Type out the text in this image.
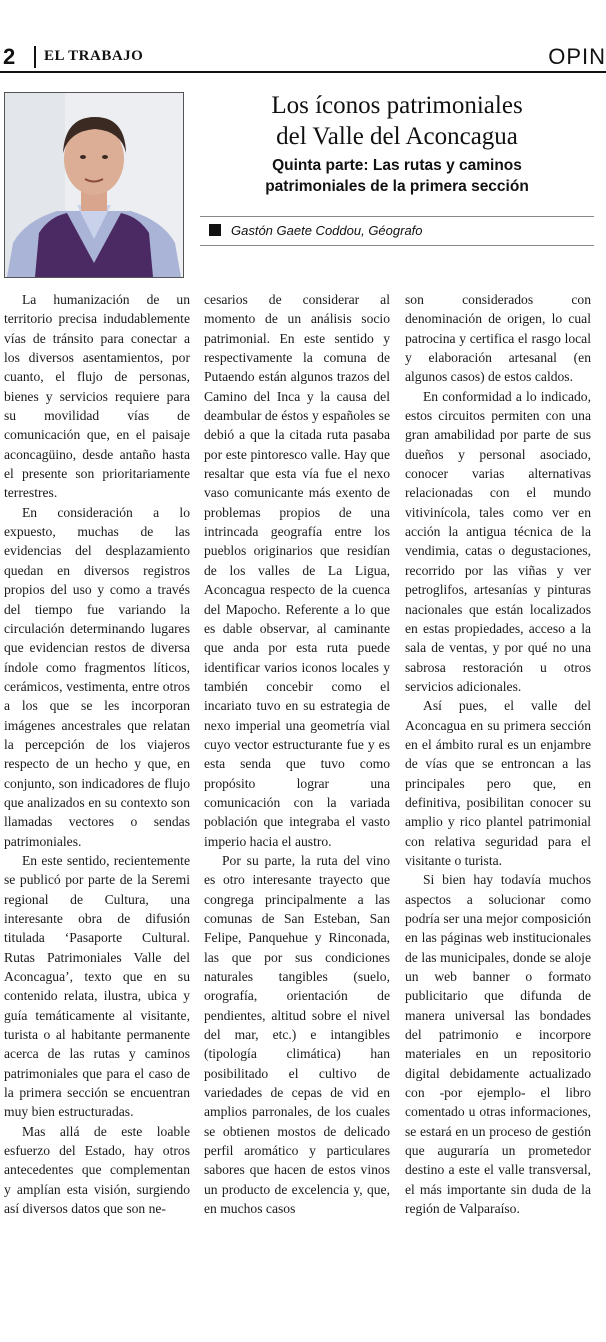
2 EL TRABAJO	OPIN
Los íconos patrimoniales
del Valle del Aconcagua
Quinta parte: Las rutas y caminos
patrimoniales de la primera sección
Gastón Gaete Coddou, Géografo

La humanización de un territorio precisa indudablemente vías de tránsito para conectar a los diversos asentamientos, por cuanto, el flujo de personas, bienes y servicios requiere para su movilidad vías de comunicación que, en el paisaje aconcagüino, desde antaño hasta el presente son prioritariamente terrestres.

En consideración a lo expuesto, muchas de las evidencias del desplazamiento quedan en diversos registros propios del uso y como a través del tiempo fue variando la circulación determinando lugares que evidencian restos de diversa índole como fragmentos líticos, cerámicos, vestimenta, entre otros a los que se les incorporan imágenes ancestrales que relatan la percepción de los viajeros respecto de un hecho y que, en conjunto, son indicadores de flujo que analizados en su contexto son llamadas vectores o sendas patrimoniales.

En este sentido, recientemente se publicó por parte de la Seremi regional de Cultura, una interesante obra de difusión titulada ‘Pasaporte Cultural. Rutas Patrimoniales Valle del Aconcagua’, texto que en su contenido relata, ilustra, ubica y guía temáticamente al visitante, turista o al habitante permanente acerca de las rutas y caminos patrimoniales que para el caso de la primera sección se encuentran muy bien estructuradas.

Mas allá de este loable esfuerzo del Estado, hay otros antecedentes que complementan y amplían esta visión, surgiendo así diversos datos que son ne-

cesarios de considerar al momento de un análisis socio patrimonial. En este sentido y respectivamente la comuna de Putaendo están algunos trazos del Camino del Inca y la causa del deambular de éstos y españoles se debió a que la citada ruta pasaba por este pintoresco valle. Hay que resaltar que esta vía fue el nexo vaso comunicante más exento de problemas propios de una intrincada geografía entre los pueblos originarios que residían de los valles de La Ligua, Aconcagua respecto de la cuenca del Mapocho. Referente a lo que es dable observar, al caminante que anda por esta ruta puede identificar varios iconos locales y también concebir como el incariato tuvo en su estrategia de nexo imperial una geometría vial cuyo vector estructurante fue y es esta senda que tuvo como propósito lograr una comunicación con la variada población que integraba el vasto imperio hacia el austro.

Por su parte, la ruta del vino es otro interesante trayecto que congrega principalmente a las comunas de San Esteban, San Felipe, Panquehue y Rinconada, las que por sus condiciones naturales tangibles (suelo, orografía, orientación de pendientes, altitud sobre el nivel del mar, etc.) e intangibles (tipología climática) han posibilitado el cultivo de variedades de cepas de vid en amplios parronales, de los cuales se obtienen mostos de delicado perfil aromático y particulares sabores que hacen de estos vinos un producto de excelencia y, que, en muchos casos

son considerados con denominación de origen, lo cual patrocina y certifica el rasgo local y elaboración artesanal (en algunos casos) de estos caldos.

En conformidad a lo indicado, estos circuitos permiten con una gran amabilidad por parte de sus dueños y personal asociado, conocer varias alternativas relacionadas con el mundo vitivinícola, tales como ver en acción la antigua técnica de la vendimia, catas o degustaciones, recorrido por las viñas y ver petroglifos, artesanías y pinturas nacionales que están localizados en estas propiedades, acceso a la sala de ventas, y por qué no una sabrosa restoración u otros servicios adicionales.

Así pues, el valle del Aconcagua en su primera sección en el ámbito rural es un enjambre de vías que se entroncan a las principales pero que, en definitiva, posibilitan conocer su amplio y rico plantel patrimonial con relativa seguridad para el visitante o turista.

Si bien hay todavía muchos aspectos a solucionar como podría ser una mejor composición en las páginas web institucionales de las municipales, donde se aloje un web banner o formato publicitario que difunda de manera universal las bondades del patrimonio e incorpore materiales en un repositorio digital debidamente actualizado con -por ejemplo- el libro comentado u otras informaciones, se estará en un proceso de gestión que auguraría un prometedor destino a este el valle transversal, el más importante sin duda de la región de Valparaíso.
